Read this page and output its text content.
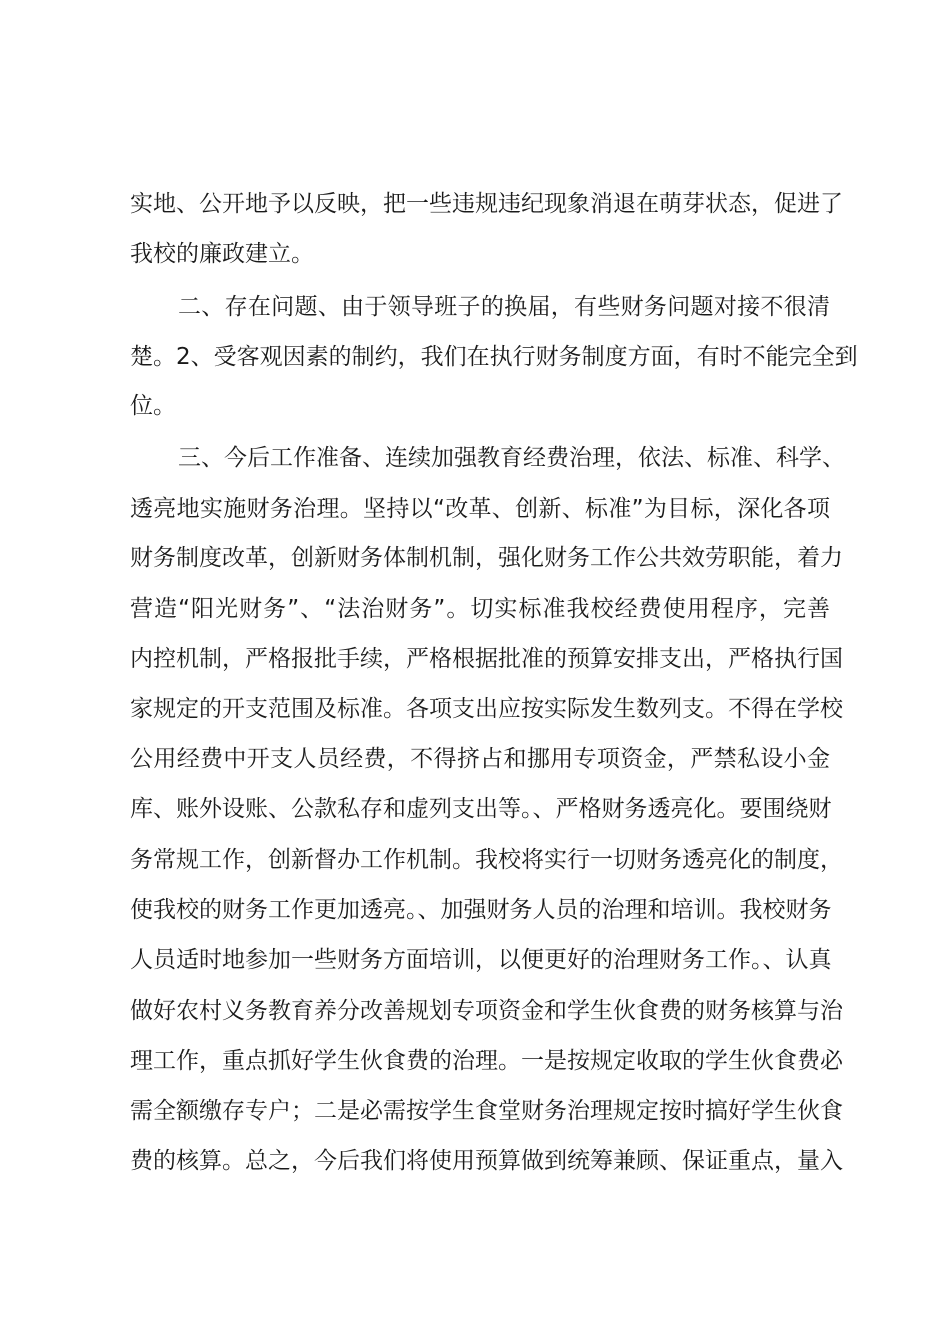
实地、公开地予以反映，把一些违规违纪现象消退在萌芽状态，促进了
我校的廉政建立。
二、存在问题、由于领导班子的换届，有些财务问题对接不很清
楚。2、受客观因素的制约，我们在执行财务制度方面，有时不能完全到
位。
三、今后工作准备、连续加强教育经费治理，依法、标准、科学、
透亮地实施财务治理。坚持以“改革、创新、标准”为目标，深化各项
财务制度改革，创新财务体制机制，强化财务工作公共效劳职能，着力
营造“阳光财务”、“法治财务”。切实标准我校经费使用程序，完善
内控机制，严格报批手续，严格根据批准的预算安排支出，严格执行国
家规定的开支范围及标准。各项支出应按实际发生数列支。不得在学校
公用经费中开支人员经费，不得挤占和挪用专项资金，严禁私设小金
库、账外设账、公款私存和虚列支出等。、严格财务透亮化。要围绕财
务常规工作，创新督办工作机制。我校将实行一切财务透亮化的制度，
使我校的财务工作更加透亮。、加强财务人员的治理和培训。我校财务
人员适时地参加一些财务方面培训，以便更好的治理财务工作。、认真
做好农村义务教育养分改善规划专项资金和学生伙食费的财务核算与治
理工作，重点抓好学生伙食费的治理。一是按规定收取的学生伙食费必
需全额缴存专户；二是必需按学生食堂财务治理规定按时搞好学生伙食
费的核算。总之，今后我们将使用预算做到统筹兼顾、保证重点，量入
